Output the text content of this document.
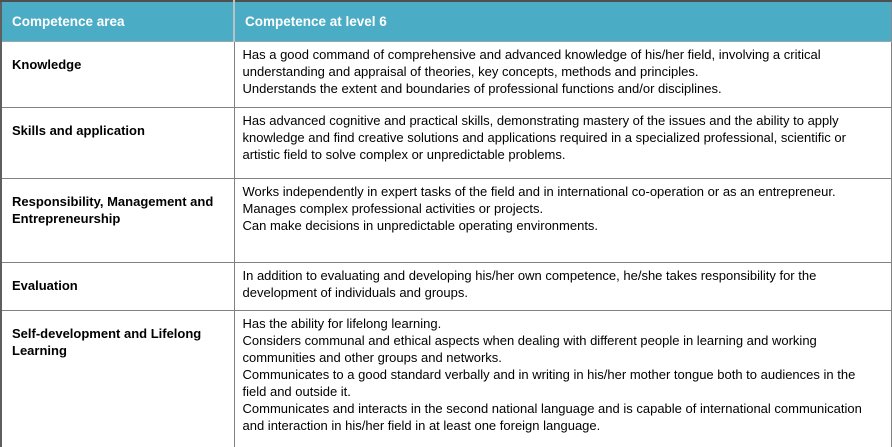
Competence area	Competence at level 6

Knowledge	Has a good command of comprehensive and advanced knowledge of his/her field, involving a critical understanding and appraisal of theories, key concepts, methods and principles.
Understands the extent and boundaries of professional functions and/or disciplines.

Skills and application	Has advanced cognitive and practical skills, demonstrating mastery of the issues and the ability to apply knowledge and find creative solutions and applications required in a specialized professional, scientific or artistic field to solve complex or unpredictable problems.

Responsibility, Management and Entrepreneurship	Works independently in expert tasks of the field and in international co-operation or as an entrepreneur.
Manages complex professional activities or projects.
Can make decisions in unpredictable operating environments.

Evaluation	In addition to evaluating and developing his/her own competence, he/she takes responsibility for the development of individuals and groups.

Self-development and Lifelong Learning	Has the ability for lifelong learning.
Considers communal and ethical aspects when dealing with different people in learning and working communities and other groups and networks.
Communicates to a good standard verbally and in writing in his/her mother tongue both to audiences in the field and outside it.
Communicates and interacts in the second national language and is capable of international communication and interaction in his/her field in at least one foreign language.
